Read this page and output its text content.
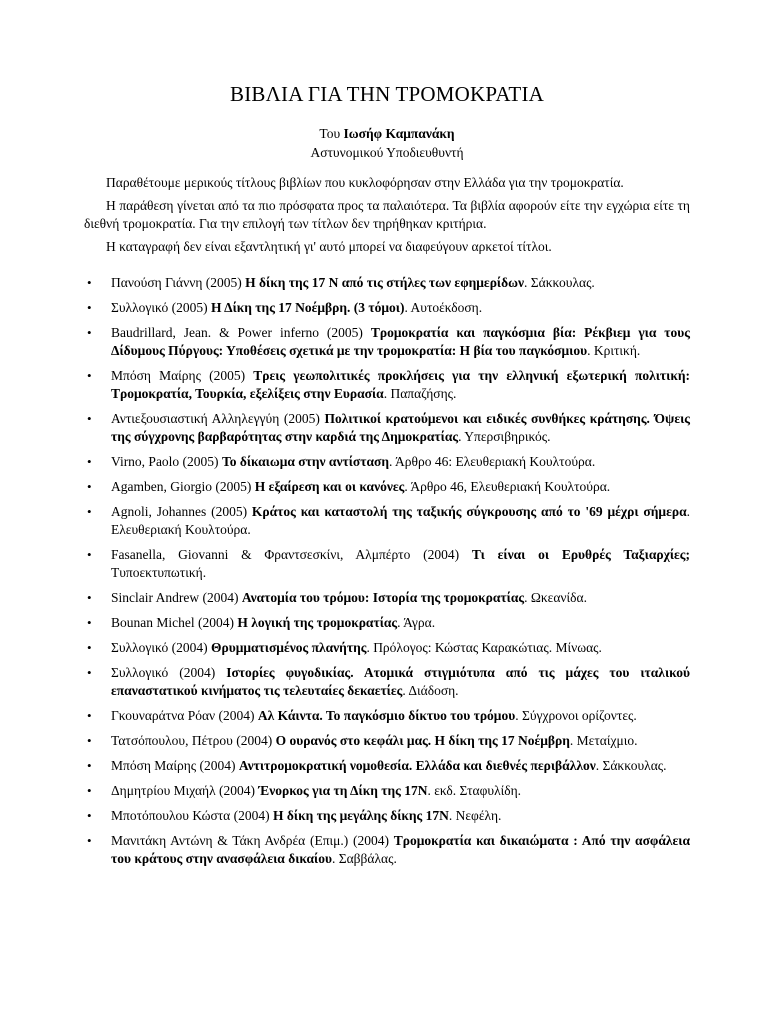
ΒΙΒΛΙΑ ΓΙΑ ΤΗΝ ΤΡΟΜΟΚΡΑΤΙΑ
Του Ιωσήφ Καμπανάκη
Αστυνομικού Υποδιευθυντή

Παραθέτουμε μερικούς τίτλους βιβλίων που κυκλοφόρησαν στην Ελλάδα για την τρομοκρατία.

Η παράθεση γίνεται από τα πιο πρόσφατα προς τα παλαιότερα. Τα βιβλία αφορούν είτε την εγχώρια είτε τη διεθνή τρομοκρατία. Για την επιλογή των τίτλων δεν τηρήθηκαν κριτήρια.

Η καταγραφή δεν είναι εξαντλητική γι' αυτό μπορεί να διαφεύγουν αρκετοί τίτλοι.

• Πανούση Γιάννη (2005) Η δίκη της 17 Ν από τις στήλες των εφημερίδων. Σάκκουλας.
• Συλλογικό (2005) Η Δίκη της 17 Νοέμβρη. (3 τόμοι). Αυτοέκδοση.
• Baudrillard, Jean. & Power inferno (2005) Τρομοκρατία και παγκόσμια βία: Ρέκβιεμ για τους Δίδυμους Πύργους: Υποθέσεις σχετικά με την τρομοκρατία: Η βία του παγκόσμιου. Κριτική.
• Μπόση Μαίρης (2005) Τρεις γεωπολιτικές προκλήσεις για την ελληνική εξωτερική πολιτική: Τρομοκρατία, Τουρκία, εξελίξεις στην Ευρασία. Παπαζήσης.
• Αντιεξουσιαστική Αλληλεγγύη (2005) Πολιτικοί κρατούμενοι και ειδικές συνθήκες κράτησης. Όψεις της σύγχρονης βαρβαρότητας στην καρδιά της Δημοκρατίας. Υπερσιβηρικός.
• Virno, Paolo (2005) Το δίκαιωμα στην αντίσταση. Άρθρο 46: Ελευθεριακή Κουλτούρα.
• Agamben, Giorgio (2005) Η εξαίρεση και οι κανόνες. Άρθρο 46, Ελευθεριακή Κουλτούρα.
• Agnoli, Johannes (2005) Κράτος και καταστολή της ταξικής σύγκρουσης από το '69 μέχρι σήμερα. Ελευθεριακή Κουλτούρα.
• Fasanella, Giovanni & Φραντσεσκίνι, Αλμπέρτο (2004) Τι είναι οι Ερυθρές Ταξιαρχίες; Τυποεκτυπωτική.
• Sinclair Andrew (2004) Ανατομία του τρόμου: Ιστορία της τρομοκρατίας. Ωκεανίδα.
• Bounan Michel (2004) Η λογική της τρομοκρατίας. Άγρα.
• Συλλογικό (2004) Θρυμματισμένος πλανήτης. Πρόλογος: Κώστας Καρακώτιας. Μίνωας.
• Συλλογικό (2004) Ιστορίες φυγοδικίας. Ατομικά στιγμιότυπα από τις μάχες του ιταλικού επαναστατικού κινήματος τις τελευταίες δεκαετίες. Διάδοση.
• Γκουναράτνα Ρόαν (2004) Αλ Κάιντα. Το παγκόσμιο δίκτυο του τρόμου. Σύγχρονοι ορίζοντες.
• Τατσόπουλου, Πέτρου (2004) Ο ουρανός στο κεφάλι μας. Η δίκη της 17 Νοέμβρη. Μεταίχμιο.
• Μπόση Μαίρης (2004) Αντιτρομοκρατική νομοθεσία. Ελλάδα και διεθνές περιβάλλον. Σάκκουλας.
• Δημητρίου Μιχαήλ (2004) Ένορκος για τη Δίκη της 17Ν. εκδ. Σταφυλίδη.
• Μποτόπουλου Κώστα (2004) Η δίκη της μεγάλης δίκης 17Ν. Νεφέλη.
• Μανιτάκη Αντώνη & Τάκη Ανδρέα (Επιμ.) (2004) Τρομοκρατία και δικαιώματα : Από την ασφάλεια του κράτους στην ανασφάλεια δικαίου. Σαββάλας.
